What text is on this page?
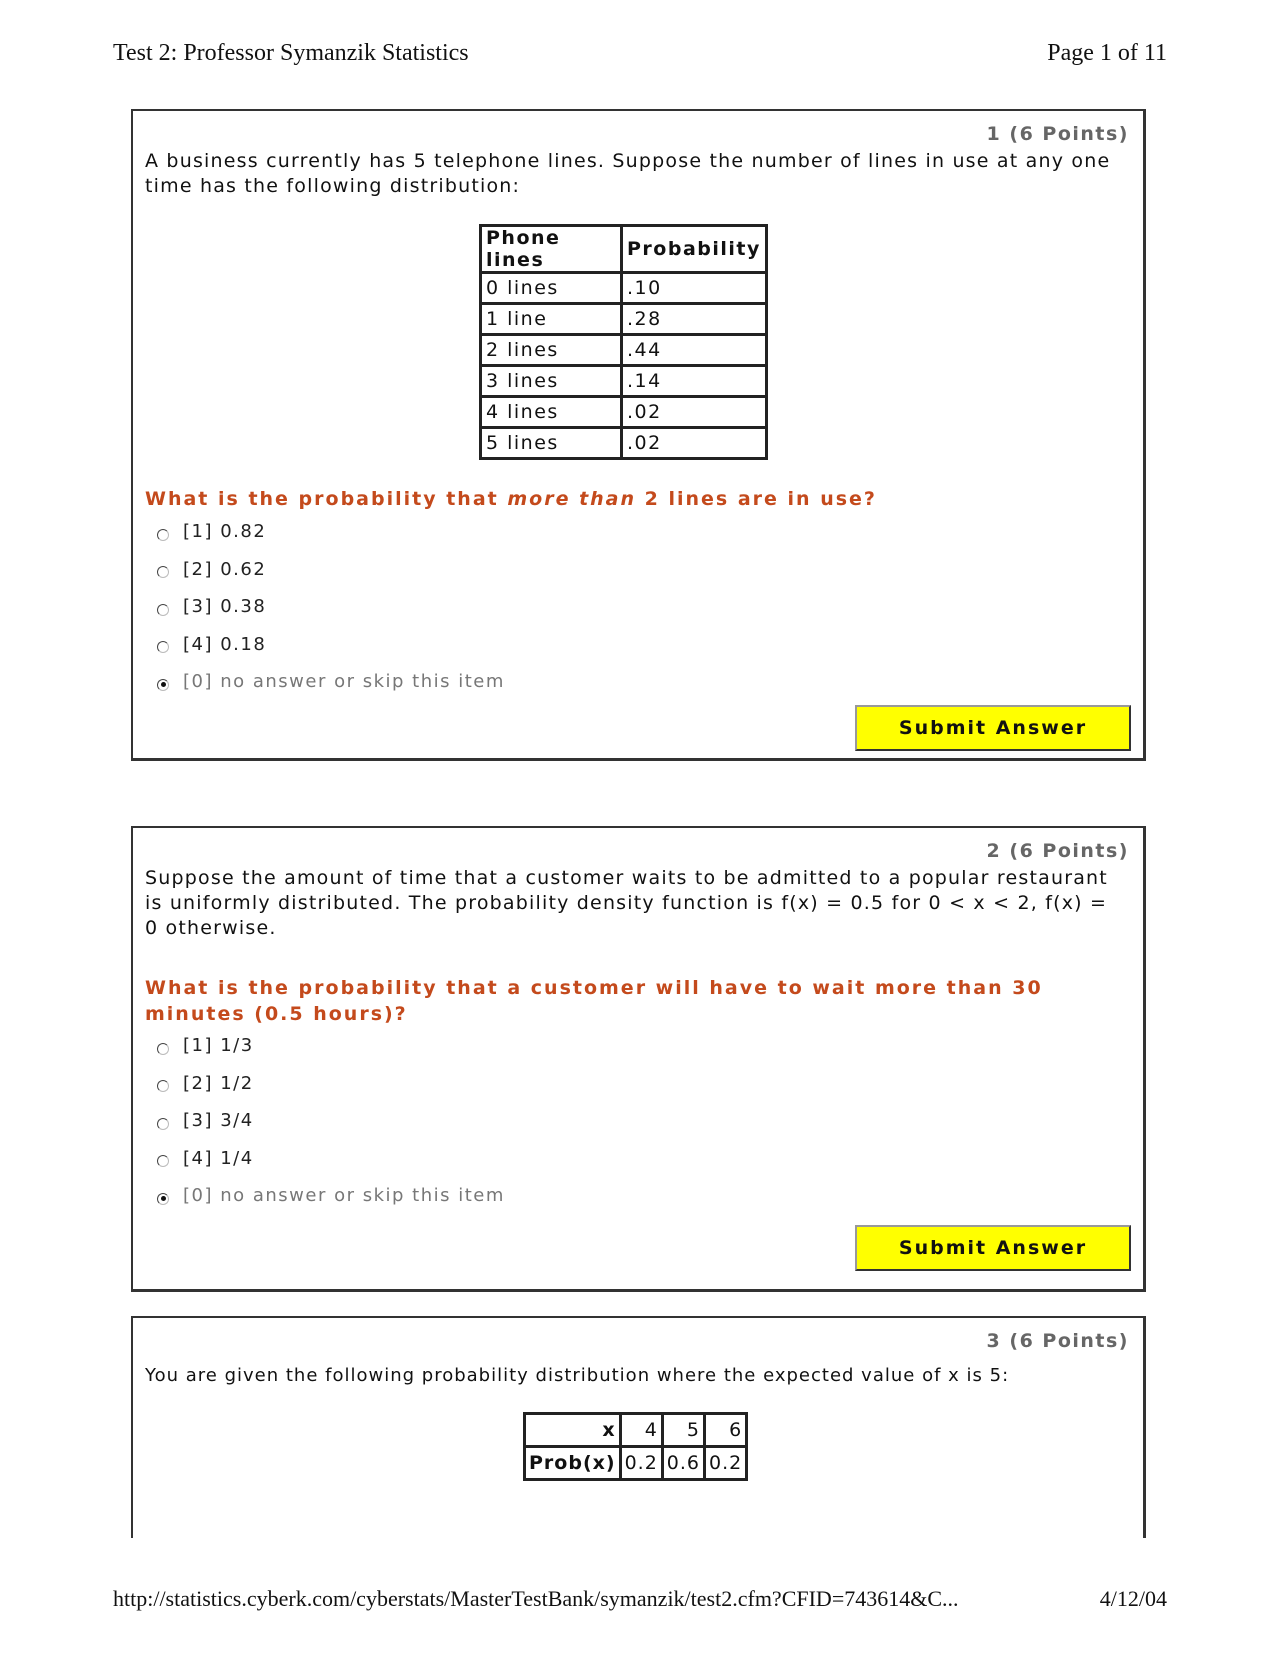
Test 2: Professor Symanzik Statistics	Page 1 of 11
1 (6 Points)
A business currently has 5 telephone lines. Suppose the number of lines in use at any one time has the following distribution:
Phone lines	Probability
0 lines	.10
1 line	.28
2 lines	.44
3 lines	.14
4 lines	.02
5 lines	.02
What is the probability that more than 2 lines are in use?
[1] 0.82
[2] 0.62
[3] 0.38
[4] 0.18
[0] no answer or skip this item
Submit Answer
2 (6 Points)
Suppose the amount of time that a customer waits to be admitted to a popular restaurant is uniformly distributed. The probability density function is f(x) = 0.5 for 0 < x < 2, f(x) = 0 otherwise.
What is the probability that a customer will have to wait more than 30 minutes (0.5 hours)?
[1] 1/3
[2] 1/2
[3] 3/4
[4] 1/4
[0] no answer or skip this item
Submit Answer
3 (6 Points)
You are given the following probability distribution where the expected value of x is 5:
x	4	5	6
Prob(x)	0.2	0.6	0.2
http://statistics.cyberk.com/cyberstats/MasterTestBank/symanzik/test2.cfm?CFID=743614&C...	4/12/04
